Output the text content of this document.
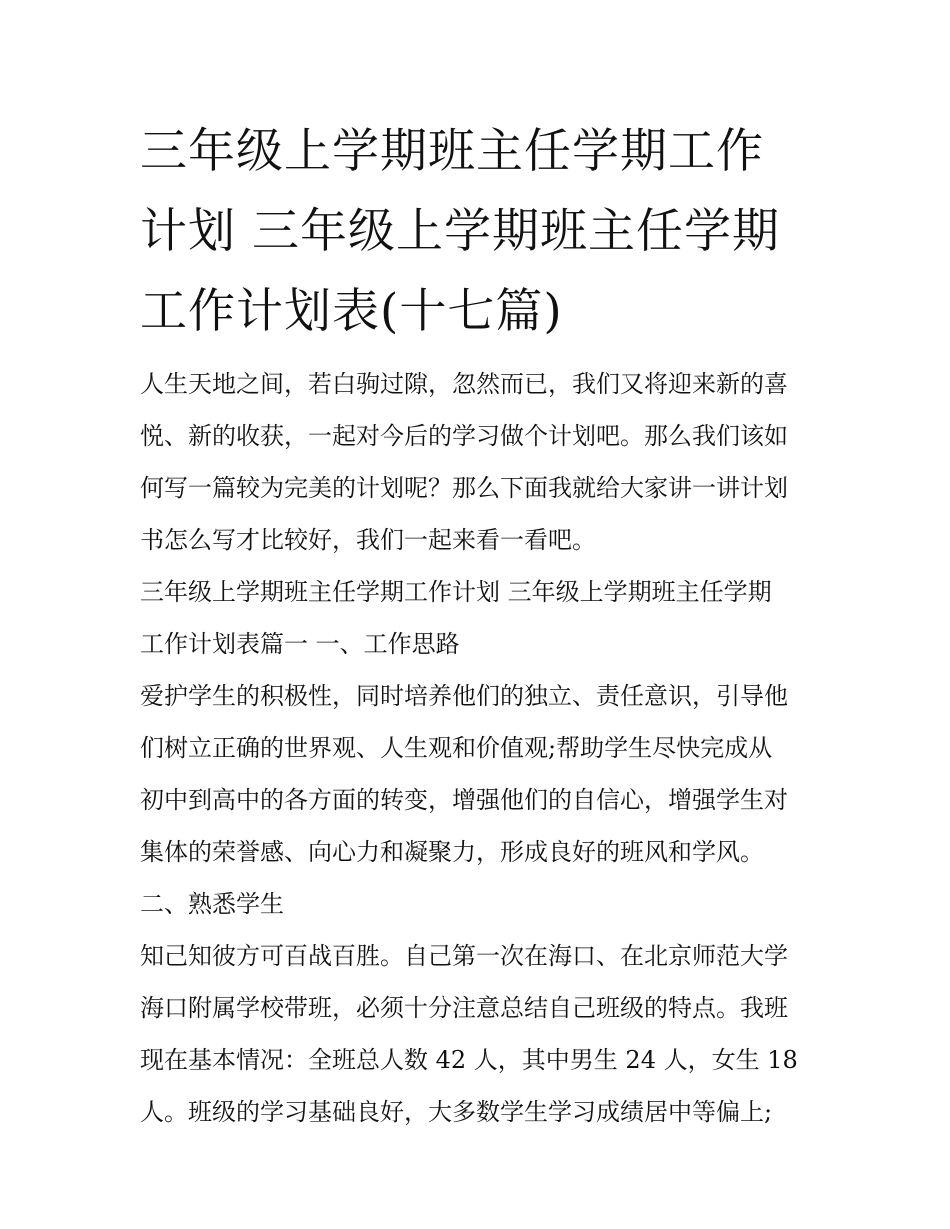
三年级上学期班主任学期工作
计划 三年级上学期班主任学期
工作计划表(十七篇)

人生天地之间，若白驹过隙，忽然而已，我们又将迎来新的喜
悦、新的收获，一起对今后的学习做个计划吧。那么我们该如
何写一篇较为完美的计划呢？那么下面我就给大家讲一讲计划
书怎么写才比较好，我们一起来看一看吧。

三年级上学期班主任学期工作计划 三年级上学期班主任学期
工作计划表篇一 一、工作思路

爱护学生的积极性，同时培养他们的独立、责任意识，引导他
们树立正确的世界观、人生观和价值观;帮助学生尽快完成从
初中到高中的各方面的转变，增强他们的自信心，增强学生对
集体的荣誉感、向心力和凝聚力，形成良好的班风和学风。

二、熟悉学生

知己知彼方可百战百胜。自己第一次在海口、在北京师范大学
海口附属学校带班，必须十分注意总结自己班级的特点。我班
现在基本情况：全班总人数 42 人，其中男生 24 人，女生 18
人。班级的学习基础良好，大多数学生学习成绩居中等偏上;
